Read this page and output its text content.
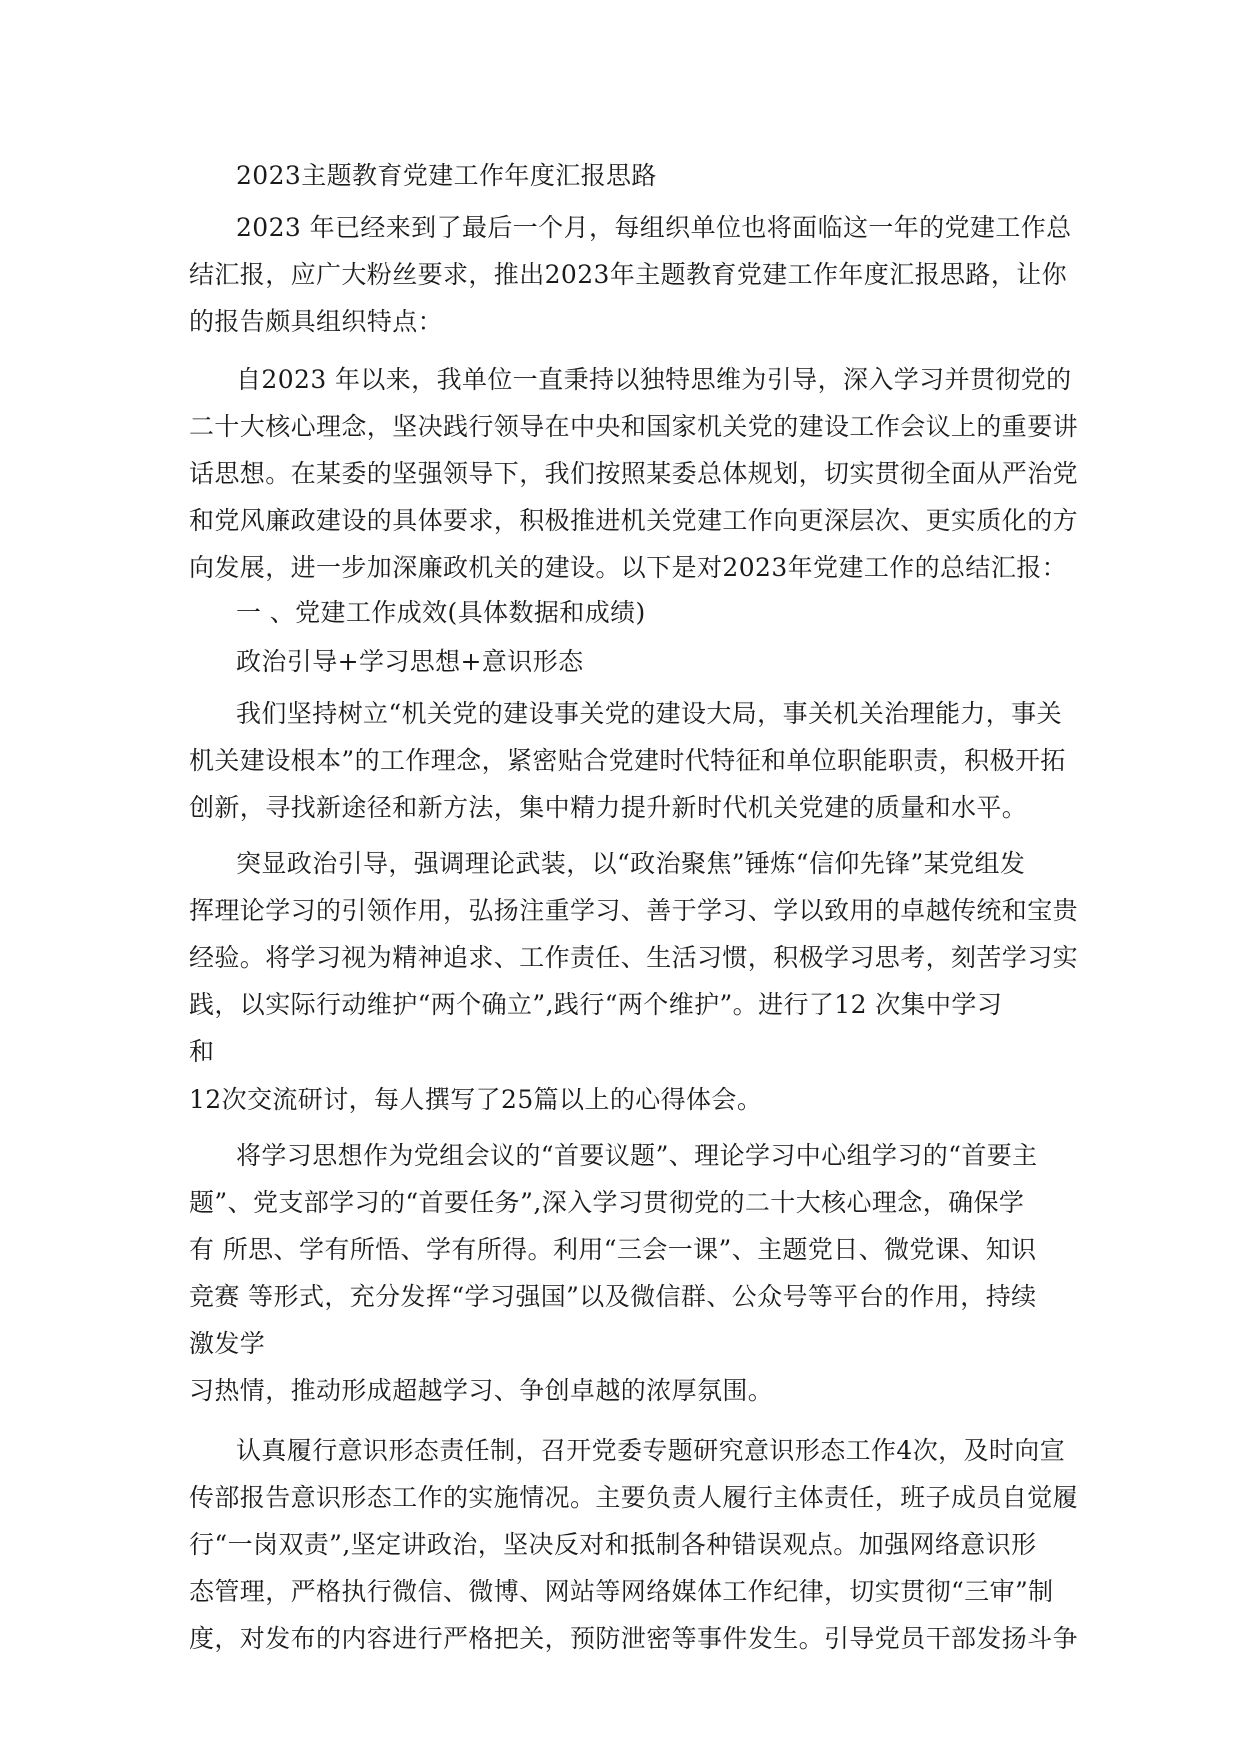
2023主题教育党建工作年度汇报思路
2023 年已经来到了最后一个月，每组织单位也将面临这一年的党建工作总
结汇报，应广大粉丝要求，推出2023年主题教育党建工作年度汇报思路，让你
的报告颇具组织特点：
自2023 年以来，我单位一直秉持以独特思维为引导，深入学习并贯彻党的
二十大核心理念，坚决践行领导在中央和国家机关党的建设工作会议上的重要讲
话思想。在某委的坚强领导下，我们按照某委总体规划，切实贯彻全面从严治党
和党风廉政建设的具体要求，积极推进机关党建工作向更深层次、更实质化的方
向发展，进一步加深廉政机关的建设。以下是对2023年党建工作的总结汇报：
一 、党建工作成效(具体数据和成绩)
政治引导+学习思想+意识形态
我们坚持树立“机关党的建设事关党的建设大局，事关机关治理能力，事关
机关建设根本”的工作理念，紧密贴合党建时代特征和单位职能职责，积极开拓
创新，寻找新途径和新方法，集中精力提升新时代机关党建的质量和水平。
突显政治引导，强调理论武装，以“政治聚焦”锤炼“信仰先锋”某党组发
挥理论学习的引领作用，弘扬注重学习、善于学习、学以致用的卓越传统和宝贵
经验。将学习视为精神追求、工作责任、生活习惯，积极学习思考，刻苦学习实
践，以实际行动维护“两个确立”,践行“两个维护”。进行了12 次集中学习
和
12次交流研讨，每人撰写了25篇以上的心得体会。
将学习思想作为党组会议的“首要议题”、理论学习中心组学习的“首要主
题”、党支部学习的“首要任务”,深入学习贯彻党的二十大核心理念，确保学
有 所思、学有所悟、学有所得。利用“三会一课”、主题党日、微党课、知识
竞赛 等形式，充分发挥“学习强国”以及微信群、公众号等平台的作用，持续
激发学
习热情，推动形成超越学习、争创卓越的浓厚氛围。
认真履行意识形态责任制，召开党委专题研究意识形态工作4次，及时向宣
传部报告意识形态工作的实施情况。主要负责人履行主体责任，班子成员自觉履
行“一岗双责”,坚定讲政治，坚决反对和抵制各种错误观点。加强网络意识形
态管理，严格执行微信、微博、网站等网络媒体工作纪律，切实贯彻“三审”制
度，对发布的内容进行严格把关，预防泄密等事件发生。引导党员干部发扬斗争
